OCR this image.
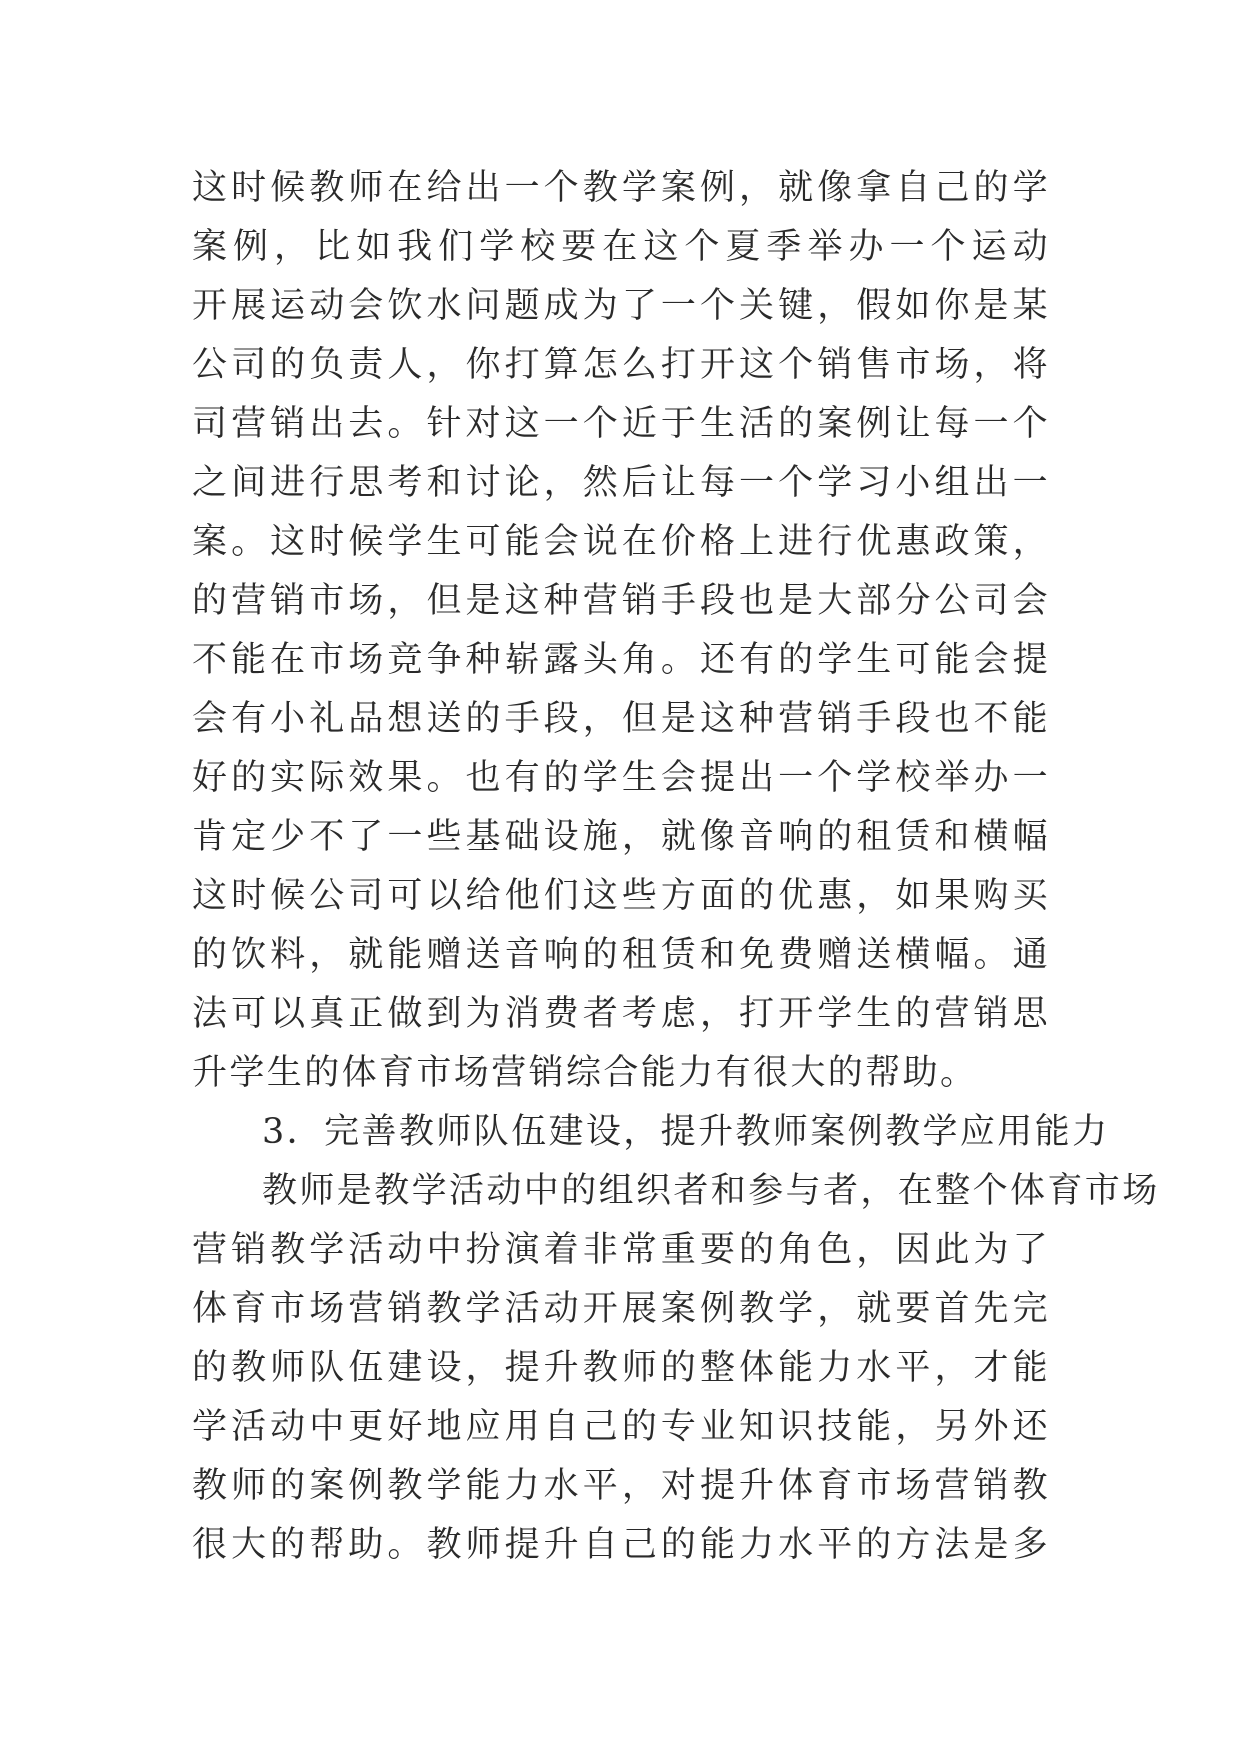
这时候教师在给出一个教学案例，就像拿自己的学
案例，比如我们学校要在这个夏季举办一个运动
开展运动会饮水问题成为了一个关键，假如你是某
公司的负责人，你打算怎么打开这个销售市场，将
司营销出去。针对这一个近于生活的案例让每一个
之间进行思考和讨论，然后让每一个学习小组出一
案。这时候学生可能会说在价格上进行优惠政策，
的营销市场，但是这种营销手段也是大部分公司会
不能在市场竞争种崭露头角。还有的学生可能会提
会有小礼品想送的手段，但是这种营销手段也不能
好的实际效果。也有的学生会提出一个学校举办一
肯定少不了一些基础设施，就像音响的租赁和横幅
这时候公司可以给他们这些方面的优惠，如果购买
的饮料，就能赠送音响的租赁和免费赠送横幅。通
法可以真正做到为消费者考虑，打开学生的营销思
升学生的体育市场营销综合能力有很大的帮助。
3．完善教师队伍建设，提升教师案例教学应用能力
教师是教学活动中的组织者和参与者，在整个体育市场
营销教学活动中扮演着非常重要的角色，因此为了
体育市场营销教学活动开展案例教学，就要首先完
的教师队伍建设，提升教师的整体能力水平，才能
学活动中更好地应用自己的专业知识技能，另外还
教师的案例教学能力水平，对提升体育市场营销教
很大的帮助。教师提升自己的能力水平的方法是多
